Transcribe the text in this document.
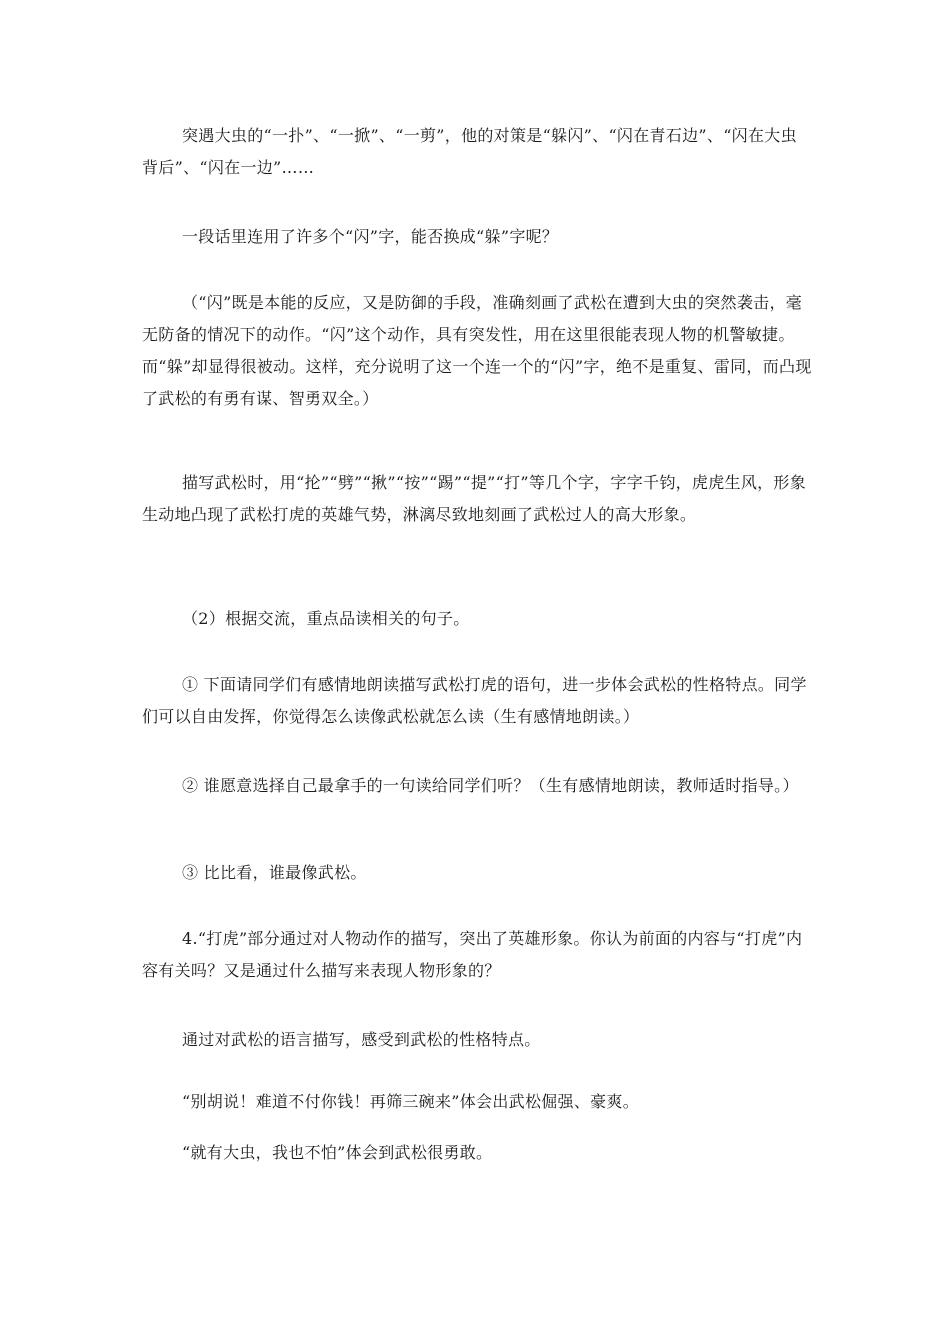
突遇大虫的“一扑”、“一掀”、“一剪”，他的对策是“躲闪”、“闪在青石边”、“闪在大虫背后”、“闪在一边”……

一段话里连用了许多个“闪”字，能否换成“躲”字呢？

（“闪”既是本能的反应，又是防御的手段，准确刻画了武松在遭到大虫的突然袭击，毫无防备的情况下的动作。“闪”这个动作，具有突发性，用在这里很能表现人物的机警敏捷。而“躲”却显得很被动。这样，充分说明了这一个连一个的“闪”字，绝不是重复、雷同，而凸现了武松的有勇有谋、智勇双全。）

描写武松时，用“抡”“劈”“揪”“按”“踢”“提”“打”等几个字，字字千钧，虎虎生风，形象生动地凸现了武松打虎的英雄气势，淋漓尽致地刻画了武松过人的高大形象。

（2）根据交流，重点品读相关的句子。

① 下面请同学们有感情地朗读描写武松打虎的语句，进一步体会武松的性格特点。同学们可以自由发挥，你觉得怎么读像武松就怎么读（生有感情地朗读。）

② 谁愿意选择自己最拿手的一句读给同学们听？（生有感情地朗读，教师适时指导。）

③ 比比看，谁最像武松。

4.“打虎”部分通过对人物动作的描写，突出了英雄形象。你认为前面的内容与“打虎”内容有关吗？又是通过什么描写来表现人物形象的？

通过对武松的语言描写，感受到武松的性格特点。

“别胡说！难道不付你钱！再筛三碗来”体会出武松倔强、豪爽。

“就有大虫，我也不怕”体会到武松很勇敢。
